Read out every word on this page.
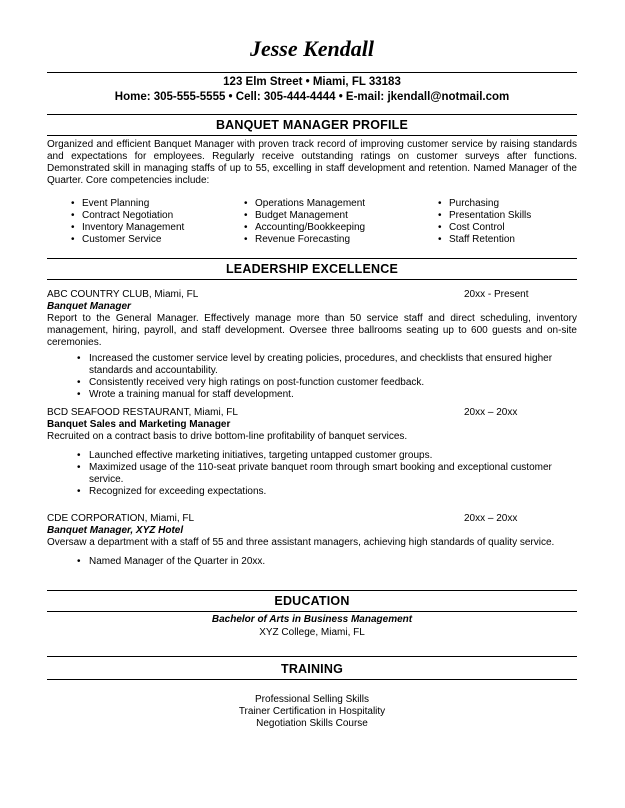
Jesse Kendall
123 Elm Street • Miami, FL 33183
Home: 305-555-5555 • Cell: 305-444-4444 • E-mail: jkendall@notmail.com
BANQUET MANAGER PROFILE
Organized and efficient Banquet Manager with proven track record of improving customer service by raising standards and expectations for employees. Regularly receive outstanding ratings on customer surveys after functions. Demonstrated skill in managing staffs of up to 55, excelling in staff development and retention. Named Manager of the Quarter. Core competencies include:
• Event Planning
• Contract Negotiation
• Inventory Management
• Customer Service
• Operations Management
• Budget Management
• Accounting/Bookkeeping
• Revenue Forecasting
• Purchasing
• Presentation Skills
• Cost Control
• Staff Retention
LEADERSHIP EXCELLENCE
ABC COUNTRY CLUB, Miami, FL	20xx - Present
Banquet Manager
Report to the General Manager. Effectively manage more than 50 service staff and direct scheduling, inventory management, hiring, payroll, and staff development. Oversee three ballrooms seating up to 600 guests and on-site ceremonies.
• Increased the customer service level by creating policies, procedures, and checklists that ensured higher standards and accountability.
• Consistently received very high ratings on post-function customer feedback.
• Wrote a training manual for staff development.
BCD SEAFOOD RESTAURANT, Miami, FL	20xx – 20xx
Banquet Sales and Marketing Manager
Recruited on a contract basis to drive bottom-line profitability of banquet services.
• Launched effective marketing initiatives, targeting untapped customer groups.
• Maximized usage of the 110-seat private banquet room through smart booking and exceptional customer service.
• Recognized for exceeding expectations.
CDE CORPORATION, Miami, FL	20xx – 20xx
Banquet Manager, XYZ Hotel
Oversaw a department with a staff of 55 and three assistant managers, achieving high standards of quality service.
• Named Manager of the Quarter in 20xx.
EDUCATION
Bachelor of Arts in Business Management
XYZ College, Miami, FL
TRAINING
Professional Selling Skills
Trainer Certification in Hospitality
Negotiation Skills Course
